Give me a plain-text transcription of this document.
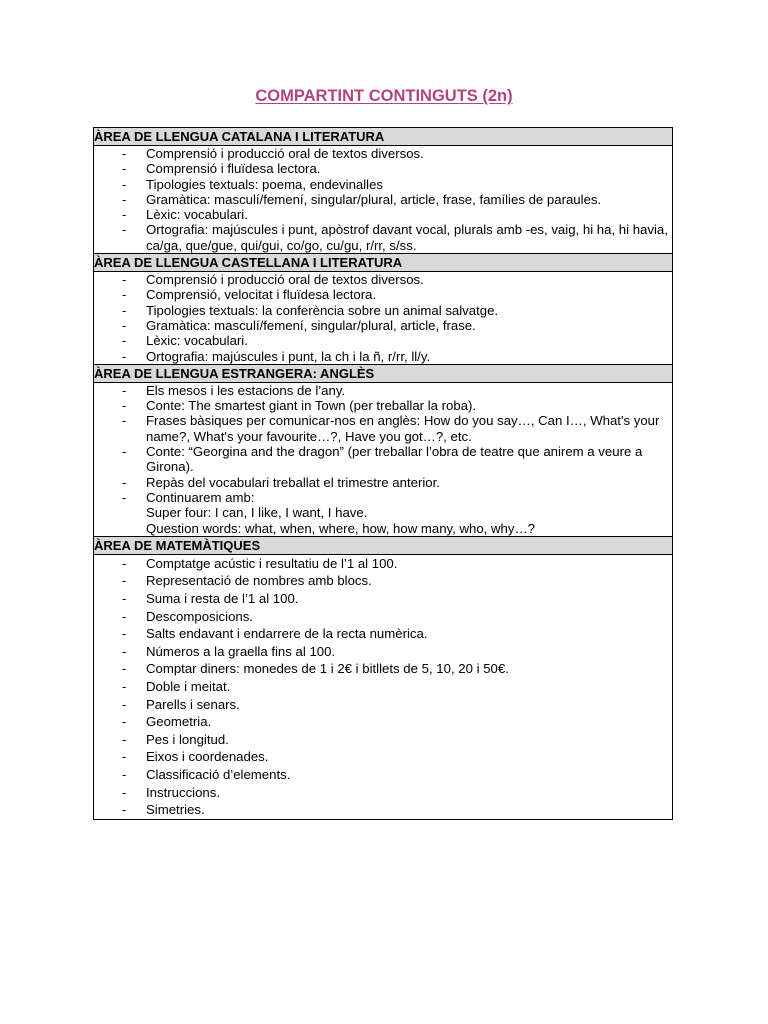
COMPARTINT CONTINGUTS (2n)
ÀREA DE LLENGUA CATALANA I LITERATURA

- Comprensió i producció oral de textos diversos.
- Comprensió i fluïdesa lectora.
- Tipologies textuals: poema, endevinalles
- Gramàtica: masculí/femení, singular/plural, article, frase, famílies de paraules.
- Lèxic: vocabulari.
- Ortografia: majúscules i punt, apòstrof davant vocal, plurals amb -es, vaig, hi ha, hi havia, ca/ga, que/gue, qui/gui, co/go, cu/gu, r/rr, s/ss.

ÀREA DE LLENGUA CASTELLANA I LITERATURA

- Comprensió i producció oral de textos diversos.
- Comprensió, velocitat i fluïdesa lectora.
- Tipologies textuals: la conferència sobre un animal salvatge.
- Gramàtica: masculí/femení, singular/plural, article, frase.
- Lèxic: vocabulari.
- Ortografia: majúscules i punt, la ch i la ñ, r/rr, ll/y.

ÀREA DE LLENGUA ESTRANGERA: ANGLÈS

- Els mesos i les estacions de l’any.
- Conte: The smartest giant in Town (per treballar la roba).
- Frases bàsiques per comunicar-nos en anglès: How do you say…, Can I…, What's your name?, What's your favourite…?, Have you got…?, etc.
- Conte: “Georgina and the dragon” (per treballar l’obra de teatre que anirem a veure a Girona).
- Repàs del vocabulari treballat el trimestre anterior.
- Continuarem amb:
Super four: I can, I like, I want, I have.
Question words: what, when, where, how, how many, who, why…?

ÀREA DE MATEMÀTIQUES

- Comptatge acústic i resultatiu de l’1 al 100.
- Representació de nombres amb blocs.
- Suma i resta de l’1 al 100.
- Descomposicions.
- Salts endavant i endarrere de la recta numèrica.
- Números a la graella fins al 100.
- Comptar diners: monedes de 1 i 2€ i bitllets de 5, 10, 20 i 50€.
- Doble i meitat.
- Parells i senars.
- Geometria.
- Pes i longitud.
- Eixos i coordenades.
- Classificació d’elements.
- Instruccions.
- Simetries.
